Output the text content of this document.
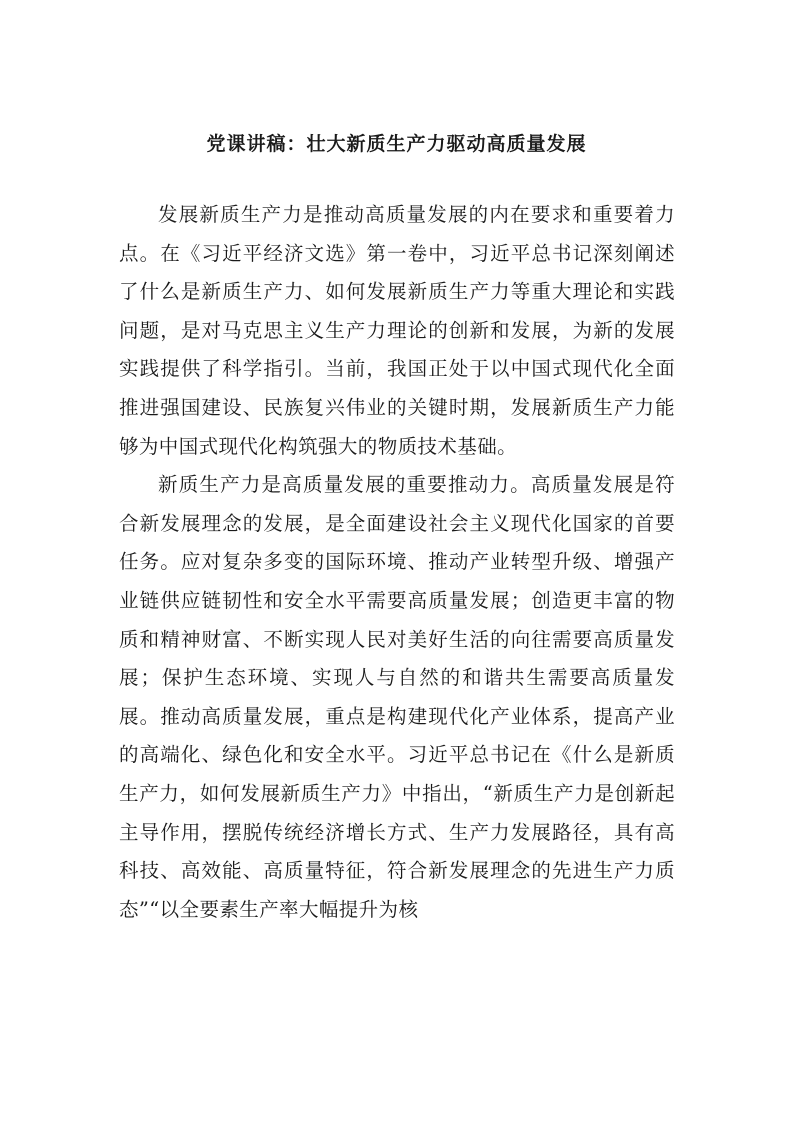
党课讲稿：壮大新质生产力驱动高质量发展

发展新质生产力是推动高质量发展的内在要求和重要着力点。在《习近平经济文选》第一卷中，习近平总书记深刻阐述了什么是新质生产力、如何发展新质生产力等重大理论和实践问题，是对马克思主义生产力理论的创新和发展，为新的发展实践提供了科学指引。当前，我国正处于以中国式现代化全面推进强国建设、民族复兴伟业的关键时期，发展新质生产力能够为中国式现代化构筑强大的物质技术基础。

新质生产力是高质量发展的重要推动力。高质量发展是符合新发展理念的发展，是全面建设社会主义现代化国家的首要任务。应对复杂多变的国际环境、推动产业转型升级、增强产业链供应链韧性和安全水平需要高质量发展；创造更丰富的物质和精神财富、不断实现人民对美好生活的向往需要高质量发展；保护生态环境、实现人与自然的和谐共生需要高质量发展。推动高质量发展，重点是构建现代化产业体系，提高产业的高端化、绿色化和安全水平。习近平总书记在《什么是新质生产力，如何发展新质生产力》中指出，“新质生产力是创新起主导作用，摆脱传统经济增长方式、生产力发展路径，具有高科技、高效能、高质量特征，符合新发展理念的先进生产力质态”“以全要素生产率大幅提升为核
